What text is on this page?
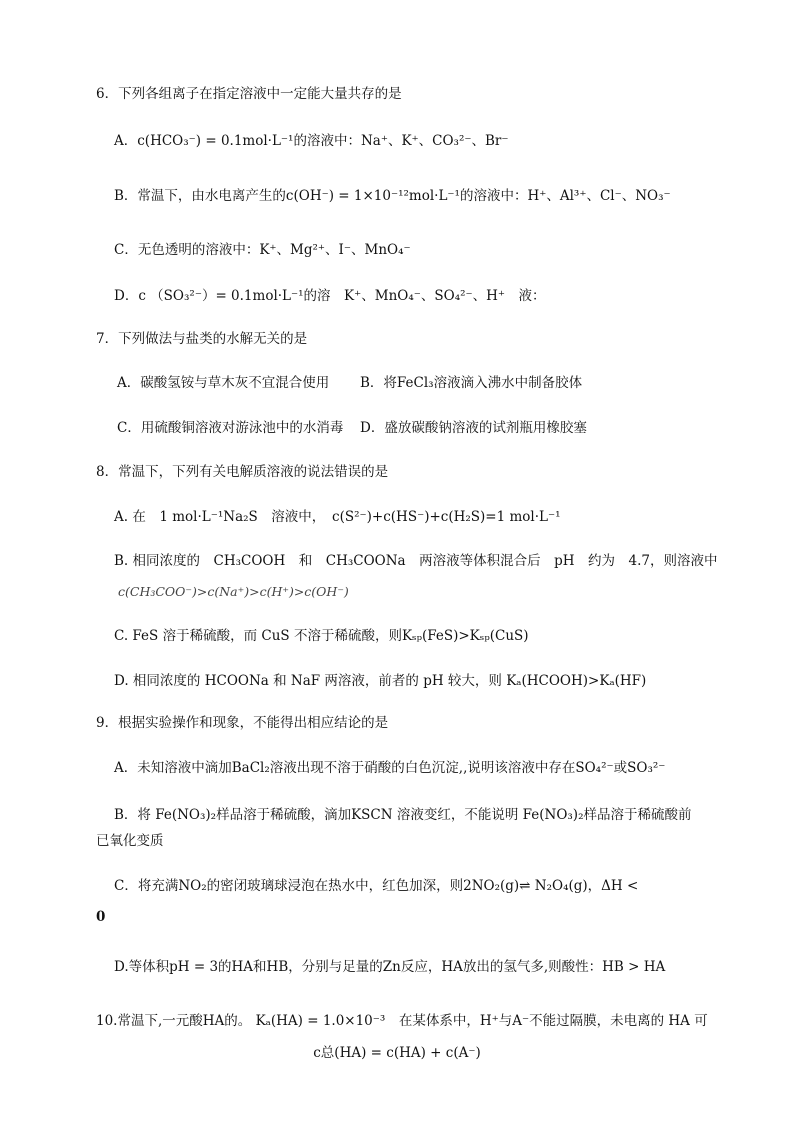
6．下列各组离子在指定溶液中一定能大量共存的是
A．c(HCO₃⁻) = 0.1mol·L⁻¹的溶液中：Na⁺、K⁺、CO₃²⁻、Br⁻
B．常温下，由水电离产生的c(OH⁻) = 1×10⁻¹²mol·L⁻¹的溶液中：H⁺、Al³⁺、Cl⁻、NO₃⁻
C．无色透明的溶液中：K⁺、Mg²⁺、I⁻、MnO₄⁻
D．c （SO₃²⁻）= 0.1mol·L⁻¹的溶　K⁺、MnO₄⁻、SO₄²⁻、H⁺　液：
7．下列做法与盐类的水解无关的是
A．碳酸氢铵与草木灰不宜混合使用 B．将FeCl₃溶液滴入沸水中制备胶体
C．用硫酸铜溶液对游泳池中的水消毒 D．盛放碳酸钠溶液的试剂瓶用橡胶塞
8．常温下，下列有关电解质溶液的说法错误的是
A. 在　1 mol·L⁻¹Na₂S　溶液中，　c(S²⁻)+c(HS⁻)+c(H₂S)=1 mol·L⁻¹
B. 相同浓度的　CH₃COOH　和　CH₃COONa　两溶液等体积混合后　pH　约为　4.7，则溶液中
c(CH₃COO⁻)>c(Na⁺)>c(H⁺)>c(OH⁻)
C. FeS 溶于稀硫酸，而 CuS 不溶于稀硫酸，则Kₛₚ(FeS)>Kₛₚ(CuS)
D. 相同浓度的 HCOONa 和 NaF 两溶液，前者的 pH 较大，则 Kₐ(HCOOH)>Kₐ(HF)
9．根据实验操作和现象，不能得出相应结论的是
A．未知溶液中滴加BaCl₂溶液出现不溶于硝酸的白色沉淀,,说明该溶液中存在SO₄²⁻或SO₃²⁻
B．将 Fe(NO₃)₂样品溶于稀硫酸，滴加KSCN 溶液变红，不能说明 Fe(NO₃)₂样品溶于稀硫酸前
已氧化变质
C．将充满NO₂的密闭玻璃球浸泡在热水中，红色加深，则2NO₂(g)⇌ N₂O₄(g)，ΔH <
0
D.等体积pH = 3的HA和HB，分别与足量的Zn反应，HA放出的氢气多,则酸性：HB > HA
10.常温下,一元酸HA的。 Kₐ(HA) = 1.0×10⁻³　在某体系中，H⁺与A⁻不能过隔膜，未电离的 HA 可
c总(HA) = c(HA) + c(A⁻)
